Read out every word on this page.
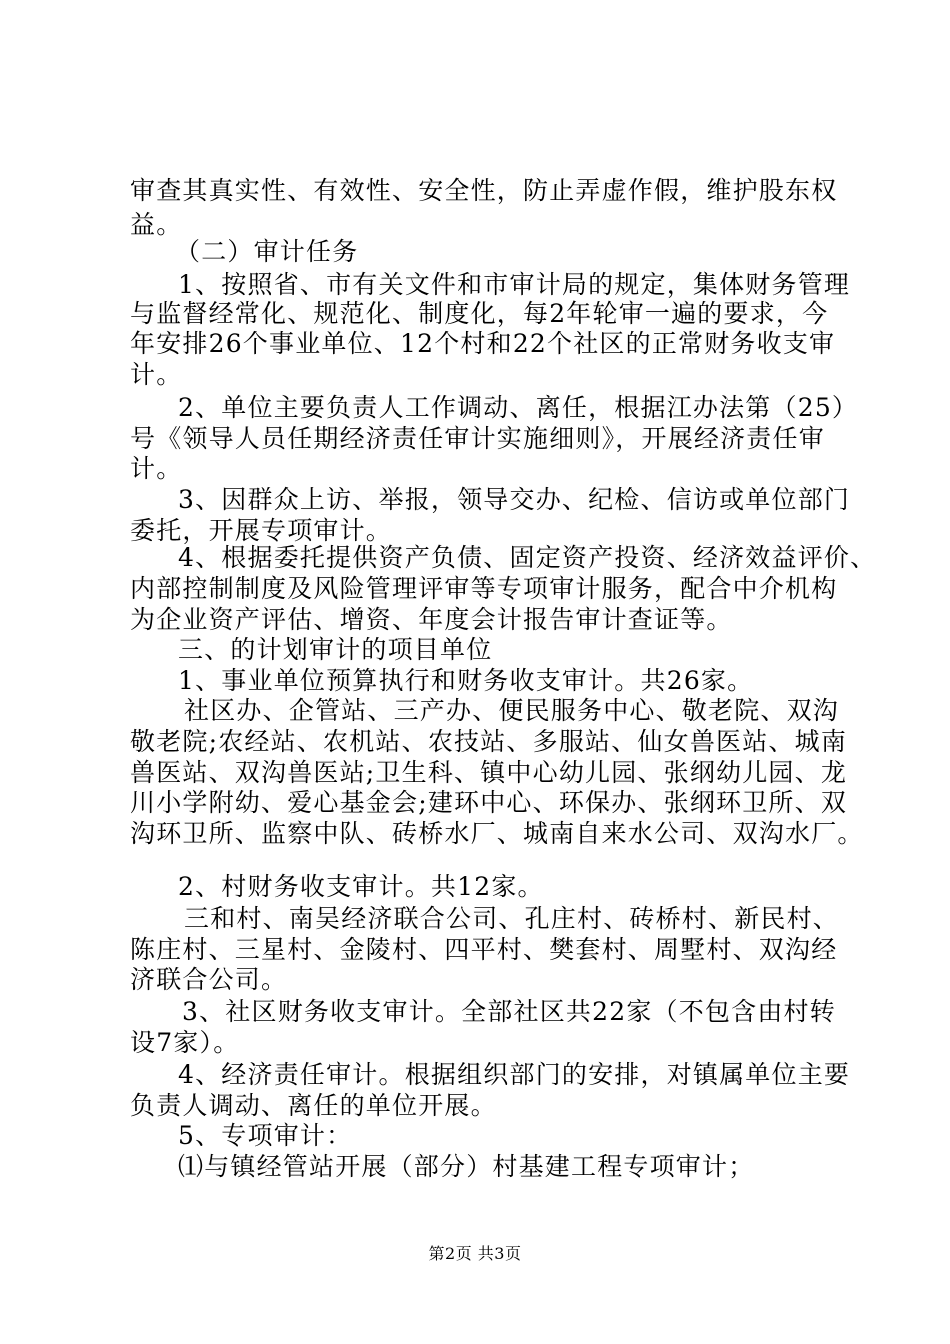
审查其真实性、有效性、安全性，防止弄虚作假，维护股东权
益。
（二）审计任务
1、按照省、市有关文件和市审计局的规定，集体财务管理
与监督经常化、规范化、制度化，每2年轮审一遍的要求，今
年安排26个事业单位、12个村和22个社区的正常财务收支审
计。
2、单位主要负责人工作调动、离任，根据江办法第（25）
号《领导人员任期经济责任审计实施细则》，开展经济责任审
计。
3、因群众上访、举报，领导交办、纪检、信访或单位部门
委托，开展专项审计。
4、根据委托提供资产负债、固定资产投资、经济效益评价、
内部控制制度及风险管理评审等专项审计服务，配合中介机构
为企业资产评估、增资、年度会计报告审计查证等。
三、的计划审计的项目单位
1、事业单位预算执行和财务收支审计。共26家。
社区办、企管站、三产办、便民服务中心、敬老院、双沟
敬老院;农经站、农机站、农技站、多服站、仙女兽医站、城南
兽医站、双沟兽医站;卫生科、镇中心幼儿园、张纲幼儿园、龙
川小学附幼、爱心基金会;建环中心、环保办、张纲环卫所、双
沟环卫所、监察中队、砖桥水厂、城南自来水公司、双沟水厂。
2、村财务收支审计。共12家。
三和村、南吴经济联合公司、孔庄村、砖桥村、新民村、
陈庄村、三星村、金陵村、四平村、樊套村、周墅村、双沟经
济联合公司。
3、社区财务收支审计。全部社区共22家（不包含由村转
设7家）。
4、经济责任审计。根据组织部门的安排，对镇属单位主要
负责人调动、离任的单位开展。
5、专项审计：
⑴与镇经管站开展（部分）村基建工程专项审计；
第2页 共3页
